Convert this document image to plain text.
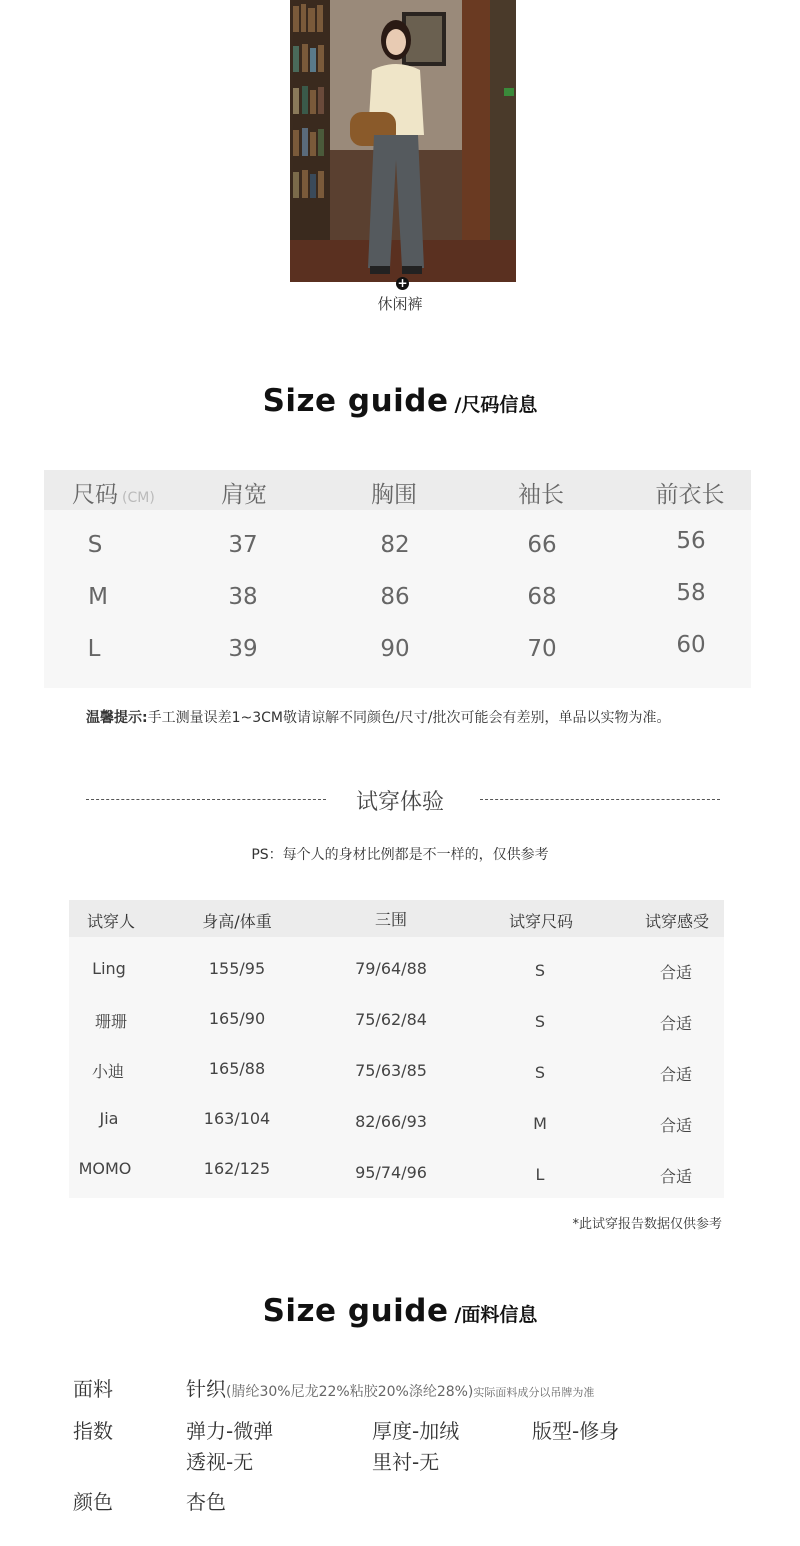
+
休闲裤
Size guide /尺码信息
尺码 (CM)	肩宽	胸围	袖长	前衣长
S	37	82	66	56
M	38	86	68	58
L	39	90	70	60
温馨提示:手工测量误差1~3CM敬请谅解不同颜色/尺寸/批次可能会有差别，单品以实物为准。
试穿体验
PS：每个人的身材比例都是不一样的，仅供参考
试穿人	身高/体重	三围	试穿尺码	试穿感受
Ling	155/95	79/64/88	S	合适
珊珊	165/90	75/62/84	S	合适
小迪	165/88	75/63/85	S	合适
Jia	163/104	82/66/93	M	合适
MOMO	162/125	95/74/96	L	合适
*此试穿报告数据仅供参考
Size guide /面料信息
面料	针织(腈纶30%尼龙22%粘胶20%涤纶28%)实际面料成分以吊牌为准
指数	弹力-微弹	厚度-加绒	版型-修身
透视-无	里衬-无
颜色	杏色
